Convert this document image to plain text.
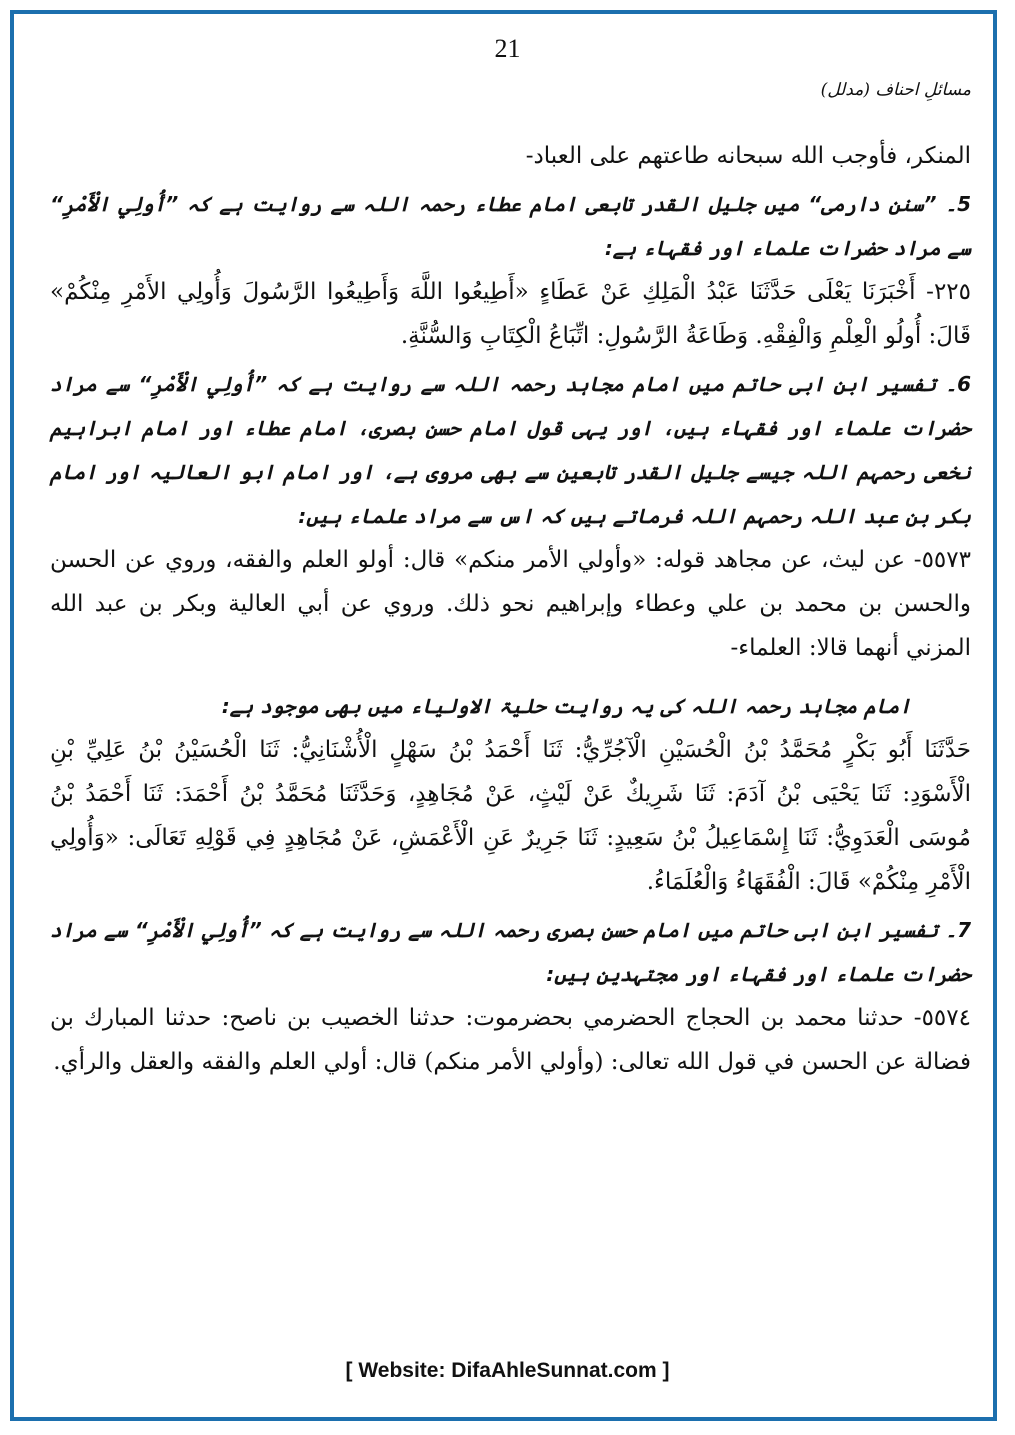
21
مسائلِ احناف (مدلل)

المنكر، فأوجب الله سبحانه طاعتهم على العباد-

5۔ ”سنن دارمی“ میں جلیل القدر تابعی امام عطاء رحمہ اللہ سے روایت ہے کہ ”أُولِي الْأَمْرِ“ سے مراد حضرات علماء اور فقہاء ہے:

٢٢٥- أَخْبَرَنَا يَعْلَى حَدَّثَنَا عَبْدُ الْمَلِكِ عَنْ عَطَاءٍ «أَطِيعُوا اللَّهَ وَأَطِيعُوا الرَّسُولَ وَأُولِي الأَمْرِ مِنْكُمْ» قَالَ: أُولُو الْعِلْمِ وَالْفِقْهِ. وَطَاعَةُ الرَّسُولِ: اتِّبَاعُ الْكِتَابِ وَالسُّنَّةِ.

6۔ تفسیر ابن ابی حاتم میں امام مجاہد رحمہ اللہ سے روایت ہے کہ ”أُولِي الْأَمْرِ“ سے مراد حضرات علماء اور فقہاء ہیں، اور یہی قول امام حسن بصری، امام عطاء اور امام ابراہیم نخعی رحمہم اللہ جیسے جلیل القدر تابعین سے بھی مروی ہے، اور امام ابو العالیہ اور امام بکر بن عبد اللہ رحمہم اللہ فرماتے ہیں کہ اس سے مراد علماء ہیں:

٥٥٧٣- عن ليث، عن مجاهد قوله: «وأولي الأمر منكم» قال: أولو العلم والفقه، وروي عن الحسن والحسن بن محمد بن علي وعطاء وإبراهيم نحو ذلك. وروي عن أبي العالية وبكر بن عبد الله المزني أنهما قالا: العلماء-

امام مجاہد رحمہ اللہ کی یہ روایت حلیۃ الاولیاء میں بھی موجود ہے:

حَدَّثَنَا أَبُو بَكْرٍ مُحَمَّدُ بْنُ الْحُسَيْنِ الْآجُرِّيُّ: ثَنَا أَحْمَدُ بْنُ سَهْلٍ الْأُشْنَانِيُّ: ثَنَا الْحُسَيْنُ بْنُ عَلِيِّ بْنِ الْأَسْوَدِ: ثَنَا يَحْيَى بْنُ آدَمَ: ثَنَا شَرِيكٌ عَنْ لَيْثٍ، عَنْ مُجَاهِدٍ، وَحَدَّثَنَا مُحَمَّدُ بْنُ أَحْمَدَ: ثَنَا أَحْمَدُ بْنُ مُوسَى الْعَدَوِيُّ: ثَنَا إِسْمَاعِيلُ بْنُ سَعِيدٍ: ثَنَا جَرِيرٌ عَنِ الْأَعْمَشِ، عَنْ مُجَاهِدٍ فِي قَوْلِهِ تَعَالَى: «وَأُولِي الْأَمْرِ مِنْكُمْ» قَالَ: الْفُقَهَاءُ وَالْعُلَمَاءُ.

7۔ تفسیر ابن ابی حاتم میں امام حسن بصری رحمہ اللہ سے روایت ہے کہ ”أُولِي الْأَمْرِ“ سے مراد حضرات علماء اور فقہاء اور مجتہدین ہیں:

٥٥٧٤- حدثنا محمد بن الحجاج الحضرمي بحضرموت: حدثنا الخصيب بن ناصح: حدثنا المبارك بن فضالة عن الحسن في قول الله تعالى: (وأولي الأمر منكم) قال: أولي العلم والفقه والعقل والرأي.

[ Website: DifaAhleSunnat.com ]
